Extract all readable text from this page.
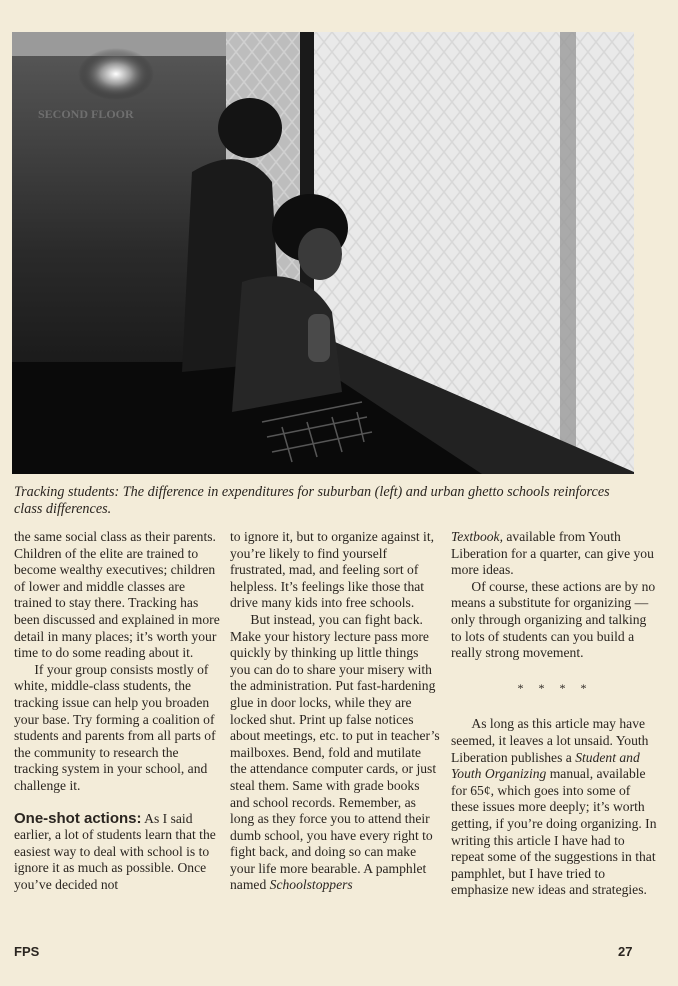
SECOND FLOOR
Tracking students: The difference in expenditures for suburban (left) and urban ghetto schools reinforces class differences.

the same social class as their parents. Children of the elite are trained to become wealthy executives; children of lower and middle classes are trained to stay there. Tracking has been discussed and explained in more detail in many places; it’s worth your time to do some reading about it.

If your group consists mostly of white, middle-class students, the tracking issue can help you broaden your base. Try forming a coalition of students and parents from all parts of the community to research the tracking system in your school, and challenge it.

One-shot actions: As I said earlier, a lot of students learn that the easiest way to deal with school is to ignore it as much as possible. Once you’ve decided not

to ignore it, but to organize against it, you’re likely to find yourself frustrated, mad, and feeling sort of helpless. It’s feelings like those that drive many kids into free schools.

But instead, you can fight back. Make your history lecture pass more quickly by thinking up little things you can do to share your misery with the administration. Put fast-hardening glue in door locks, while they are locked shut. Print up false notices about meetings, etc. to put in teacher’s mailboxes. Bend, fold and mutilate the attendance computer cards, or just steal them. Same with grade books and school records. Remember, as long as they force you to attend their dumb school, you have every right to fight back, and doing so can make your life more bearable. A pamphlet named Schoolstoppers

Textbook, available from Youth Liberation for a quarter, can give you more ideas.

Of course, these actions are by no means a substitute for organizing — only through organizing and talking to lots of students can you build a really strong movement.

* * * *

As long as this article may have seemed, it leaves a lot unsaid. Youth Liberation publishes a Student and Youth Organizing manual, available for 65¢, which goes into some of these issues more deeply; it’s worth getting, if you’re doing organizing. In writing this article I have had to repeat some of the suggestions in that pamphlet, but I have tried to emphasize new ideas and strategies.

FPS	27
